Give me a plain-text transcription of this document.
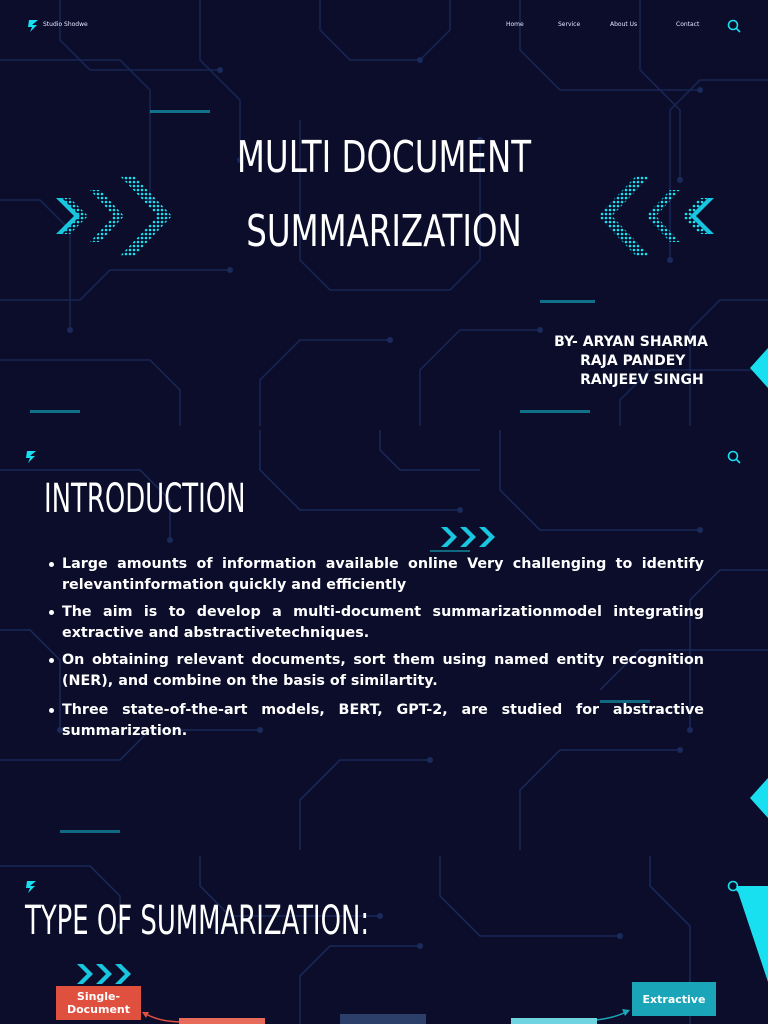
Studio Shodwe	Home	Service	About Us	Contact
MULTI DOCUMENT
SUMMARIZATION
BY- ARYAN SHARMA
RAJA PANDEY
RANJEEV SINGH
INTRODUCTION
Large amounts of information available online Very challenging to identify relevantinformation quickly and efficiently
The aim is to develop a multi-document summarizationmodel integrating extractive and abstractivetechniques.
On obtaining relevant documents, sort them using named entity recognition (NER), and combine on the basis of similartity.
Three state-of-the-art models, BERT, GPT-2, are studied for abstractive summarization.
TYPE OF SUMMARIZATION:
Single-
Document
Extractive
